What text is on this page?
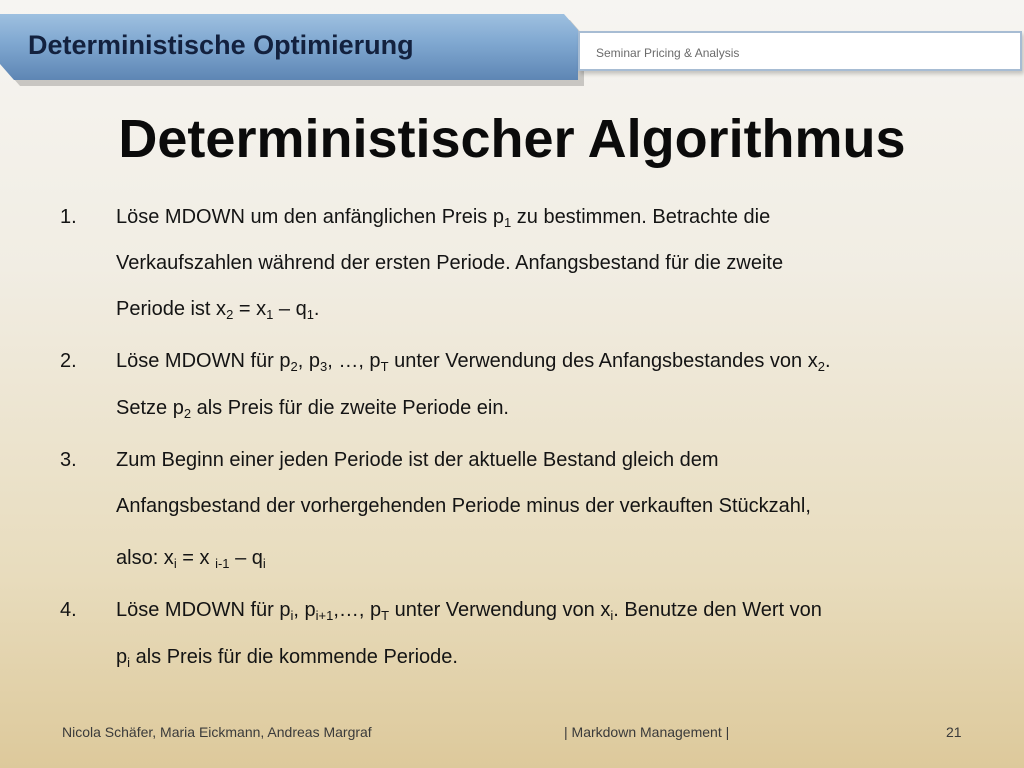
Deterministische Optimierung	Seminar Pricing & Analysis
Deterministischer Algorithmus
1. Löse MDOWN um den anfänglichen Preis $p_1$ zu bestimmen. Betrachte die
Verkaufszahlen während der ersten Periode. Anfangsbestand für die zweite
Periode ist $x_2 = x_1 - q_1$.
2. Löse MDOWN für $p_2$, $p_3$, …, $p_T$ unter Verwendung des Anfangsbestandes von $x_2$.
Setze $p_2$ als Preis für die zweite Periode ein.
3. Zum Beginn einer jeden Periode ist der aktuelle Bestand gleich dem
Anfangsbestand der vorhergehenden Periode minus der verkauften Stückzahl,
also: $x_i = x$ $_{i-1} - q_i$
4. Löse MDOWN für $p_i$, $p_{i+1},\dots$, $p_T$ unter Verwendung von $x_i$. Benutze den Wert von
$p_i$ als Preis für die kommende Periode.
Nicola Schäfer, Maria Eickmann, Andreas Margraf	| Markdown Management |	21
